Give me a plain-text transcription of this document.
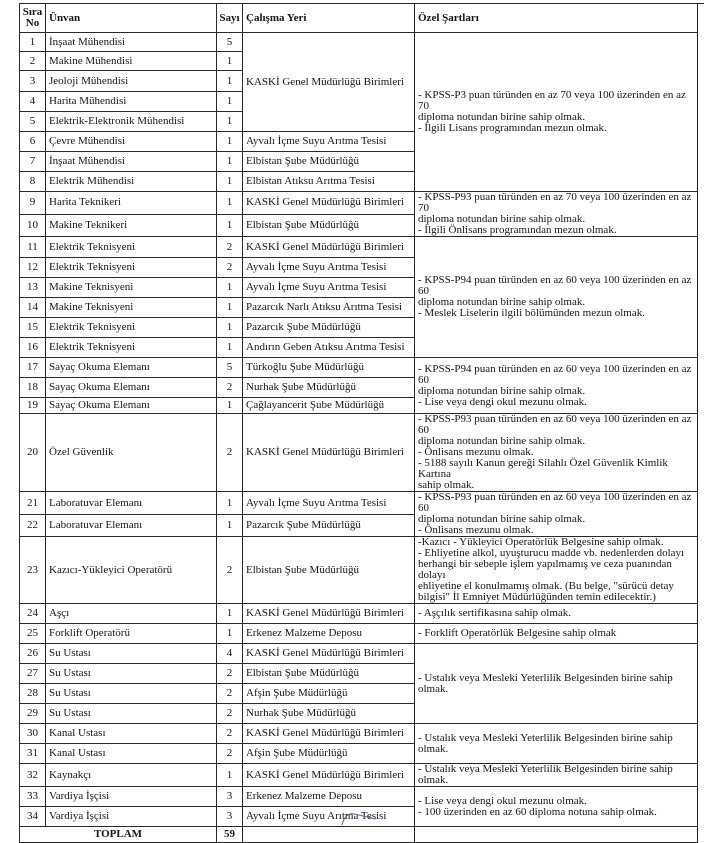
Sıra No	Ünvan	Sayı	Çalışma Yeri	Özel Şartları
1	İnşaat Mühendisi	5	KASKİ Genel Müdürlüğü Birimleri	- KPSS-P3 puan türünden en az 70 veya 100 üzerinden en az 70
diploma notundan birine sahip olmak.
- İlgili Lisans programından mezun olmak.

2	Makine Mühendisi	1		
3	Jeoloji Mühendisi	1		
4	Harita Mühendisi	1		
5	Elektrik-Elektronik Mühendisi	1		
6	Çevre Mühendisi	1	Ayvalı İçme Suyu Arıtma Tesisi	
7	İnşaat Mühendisi	1	Elbistan Şube Müdürlüğü	
8	Elektrik Mühendisi	1	Elbistan Atıksu Arıtma Tesisi	
9	Harita Teknikeri	1	KASKİ Genel Müdürlüğü Birimleri	- KPSS-P93 puan türünden en az 70 veya 100 üzerinden en az 70
diploma notundan birine sahip olmak.
- İlgili Önlisans programından mezun olmak.

10	Makine Teknikeri	1	Elbistan Şube Müdürlüğü	
11	Elektrik Teknisyeni	2	KASKİ Genel Müdürlüğü Birimleri	- KPSS-P94 puan türünden en az 60 veya 100 üzerinden en az 60
diploma notundan birine sahip olmak.
- Meslek Liselerin ilgili bölümünden mezun olmak.

12	Elektrik Teknisyeni	2	Ayvalı İçme Suyu Arıtma Tesisi	
13	Makine Teknisyeni	1	Ayvalı İçme Suyu Arıtma Tesisi	
14	Makine Teknisyeni	1	Pazarcık Narlı Atıksu Arıtma Tesisi	
15	Elektrik Teknisyeni	1	Pazarcık Şube Müdürlüğü	
16	Elektrik Teknisyeni	1	Andırın Geben Atıksu Arıtma Tesisi	
17	Sayaç Okuma Elemanı	5	Türkoğlu Şube Müdürlüğü	- KPSS-P94 puan türünden en az 60 veya 100 üzerinden en az 60
diploma notundan birine sahip olmak.
- Lise veya dengi okul mezunu olmak.

18	Sayaç Okuma Elemanı	2	Nurhak Şube Müdürlüğü	
19	Sayaç Okuma Elemanı	1	Çağlayancerit Şube Müdürlüğü	
20	Özel Güvenlik	2	KASKİ Genel Müdürlüğü Birimleri	- KPSS-P93 puan türünden en az 60 veya 100 üzerinden en az 60
diploma notundan birine sahip olmak.
- Önlisans mezunu olmak.
- 5188 sayılı Kanun gereği Silahlı Özel Güvenlik Kimlik Kartına
sahip olmak.

21	Laboratuvar Elemanı	1	Ayvalı İçme Suyu Arıtma Tesisi	- KPSS-P93 puan türünden en az 60 veya 100 üzerinden en az 60
diploma notundan birine sahip olmak.
- Önlisans mezunu olmak.

22	Laboratuvar Elemanı	1	Pazarcık Şube Müdürlüğü	
23	Kazıcı-Yükleyici Operatörü	2	Elbistan Şube Müdürlüğü	-Kazıcı - Yükleyici Operatörlük Belgesine sahip olmak.
- Ehliyetine alkol, uyuşturucu madde vb. nedenlerden dolayı
herhangi bir sebeple işlem yapılmamış ve ceza puanından dolayı
ehliyetine el konulmamış olmak. (Bu belge, "sürücü detay
bilgisi" İl Emniyet Müdürlüğünden temin edilecektir.)

24	Aşçı	1	KASKİ Genel Müdürlüğü Birimleri	- Aşçılık sertifikasına sahip olmak.

25	Forklift Operatörü	1	Erkenez Malzeme Deposu	- Forklift Operatörlük Belgesine sahip olmak

26	Su Ustası	4	KASKİ Genel Müdürlüğü Birimleri	- Ustalık veya Mesleki Yeterlilik Belgesinden birine sahip
olmak.

27	Su Ustası	2	Elbistan Şube Müdürlüğü	
28	Su Ustası	2	Afşin Şube Müdürlüğü	
29	Su Ustası	2	Nurhak Şube Müdürlüğü	
30	Kanal Ustası	2	KASKİ Genel Müdürlüğü Birimleri	- Ustalık veya Mesleki Yeterlilik Belgesinden birine sahip
olmak.

31	Kanal Ustası	2	Afşin Şube Müdürlüğü	
32	Kaynakçı	1	KASKİ Genel Müdürlüğü Birimleri	- Ustalık veya Mesleki Yeterlilik Belgesinden birine sahip
olmak.

33	Vardiya İşçisi	3	Erkenez Malzeme Deposu	- Lise veya dengi okul mezunu olmak.
- 100 üzerinden en az 60 diploma notuna sahip olmak.

34	Vardiya İşçisi	3	Ayvalı İçme Suyu Arıtma Tesisi	
TOPLAM		59		
